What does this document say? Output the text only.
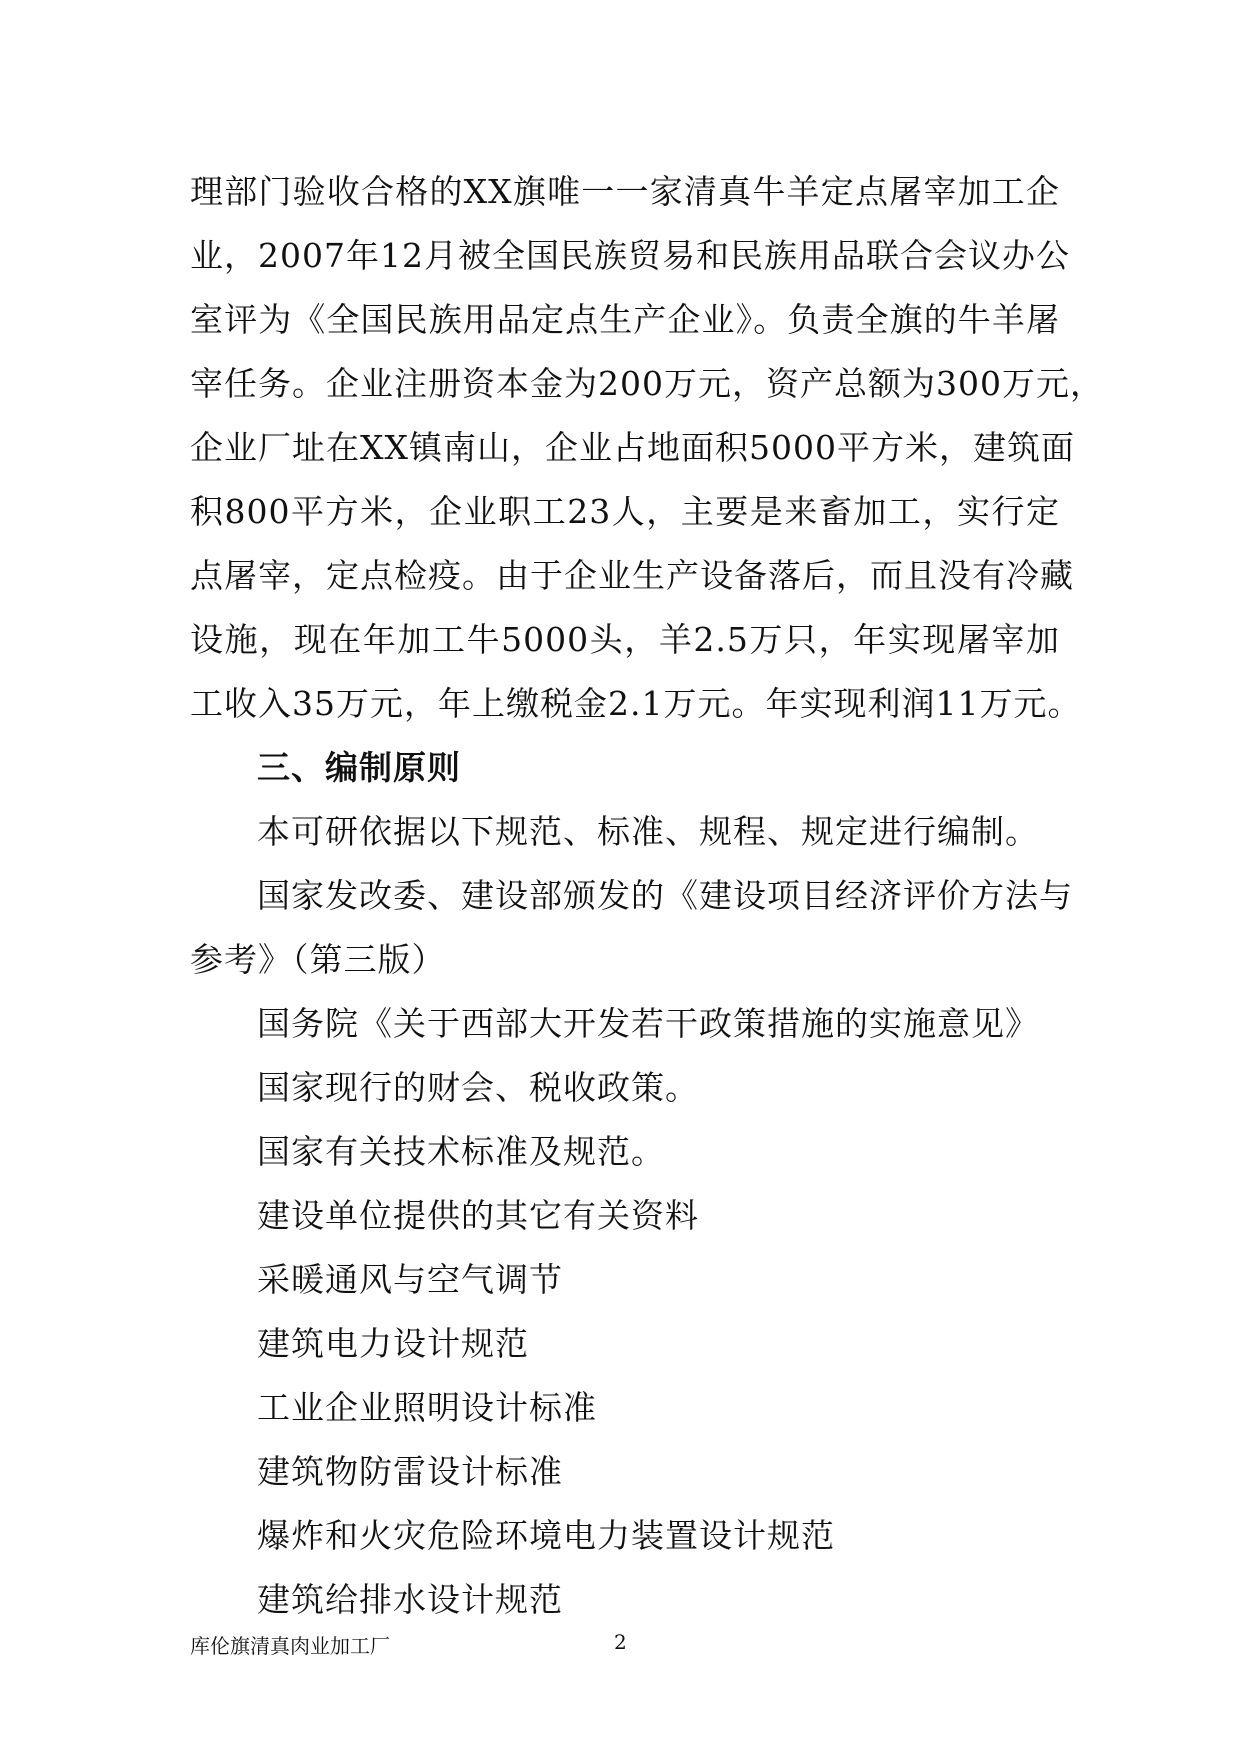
理部门验收合格的XX旗唯一一家清真牛羊定点屠宰加工企
业，2007年12月被全国民族贸易和民族用品联合会议办公
室评为《全国民族用品定点生产企业》。负责全旗的牛羊屠
宰任务。企业注册资本金为200万元，资产总额为300万元，
企业厂址在XX镇南山，企业占地面积5000平方米，建筑面
积800平方米，企业职工23人，主要是来畜加工，实行定
点屠宰，定点检疫。由于企业生产设备落后，而且没有冷藏
设施，现在年加工牛5000头，羊2.5万只，年实现屠宰加
工收入35万元，年上缴税金2.1万元。年实现利润11万元。
三、编制原则
本可研依据以下规范、标准、规程、规定进行编制。
国家发改委、建设部颁发的《建设项目经济评价方法与
参考》（第三版）
国务院《关于西部大开发若干政策措施的实施意见》
国家现行的财会、税收政策。
国家有关技术标准及规范。
建设单位提供的其它有关资料
采暖通风与空气调节
建筑电力设计规范
工业企业照明设计标准
建筑物防雷设计标准
爆炸和火灾危险环境电力装置设计规范
建筑给排水设计规范
库伦旗清真肉业加工厂	2
